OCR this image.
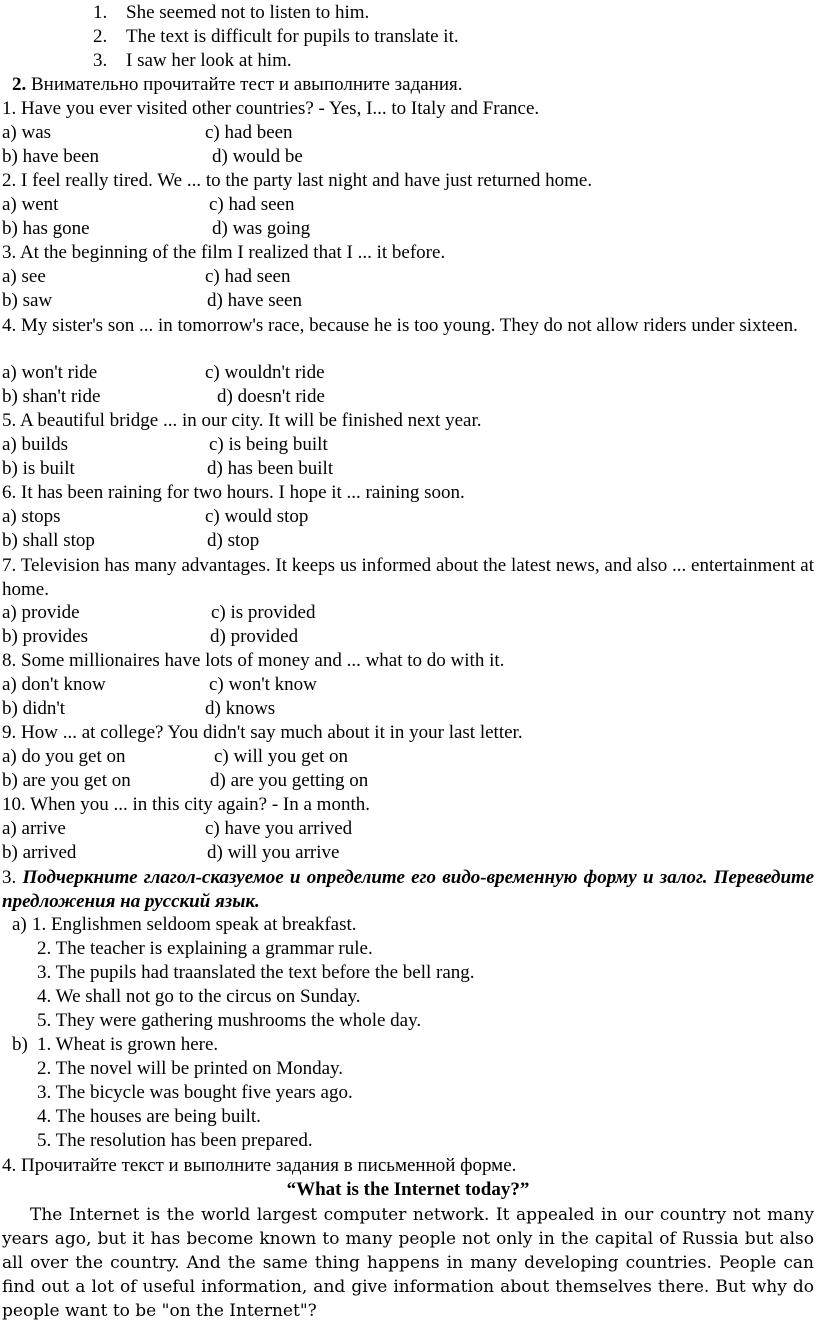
1. She seemed not to listen to him.
2. The text is difficult for pupils to translate it.
3. I saw her look at him.
2. Внимательно прочитайте тест и авыполните задания.
1. Have you ever visited other countries? - Yes, I... to Italy and France.
a) was	c) had been
b) have been	d) would be
2. I feel really tired. We ... to the party last night and have just returned home.
a) went	c) had seen
b) has gone	d) was going
3. At the beginning of the film I realized that I ... it before.
a) see	c) had seen
b) saw	d) have seen
4. My sister's son ... in tomorrow's race, because he is too young. They do not allow riders under sixteen.
a) won't ride	c) wouldn't ride
b) shan't ride	d) doesn't ride
5. A beautiful bridge ... in our city. It will be finished next year.
a) builds	c) is being built
b) is built	d) has been built
6. It has been raining for two hours. I hope it ... raining soon.
a) stops	c) would stop
b) shall stop	d) stop
7. Television has many advantages. It keeps us informed about the latest news, and also ... entertainment at home.
a) provide	c) is provided
b) provides	d) provided
8. Some millionaires have lots of money and ... what to do with it.
a) don't know	c) won't know
b) didn't	d) knows
9. How ... at college? You didn't say much about it in your last letter.
a) do you get on	c) will you get on
b) are you get on	d) are you getting on
10. When you ... in this city again? - In a month.
a) arrive	c) have you arrived
b) arrived	d) will you arrive
3. Подчеркните глагол-сказуемое и определите его видо-временную форму и залог. Переведите предложения на русский язык.
a) 1. Englishmen seldoom speak at breakfast.
2. The teacher is explaining a grammar rule.
3. The pupils had traanslated the text before the bell rang.
4. We shall not go to the circus on Sunday.
5. They were gathering mushrooms the whole day.
b) 1. Wheat is grown here.
2. The novel will be printed on Monday.
3. The bicycle was bought five years ago.
4. The houses are being built.
5. The resolution has been prepared.
4. Прочитайте текст и выполните задания в письменной форме.
“What is the Internet today?”
The Internet is the world largest computer network. It appealed in our country not many years ago, but it has become known to many people not only in the capital of Russia but also all over the country. And the same thing happens in many developing countries. People can find out a lot of useful information, and give information about themselves there. But why do people want to be "on the Internet"?
